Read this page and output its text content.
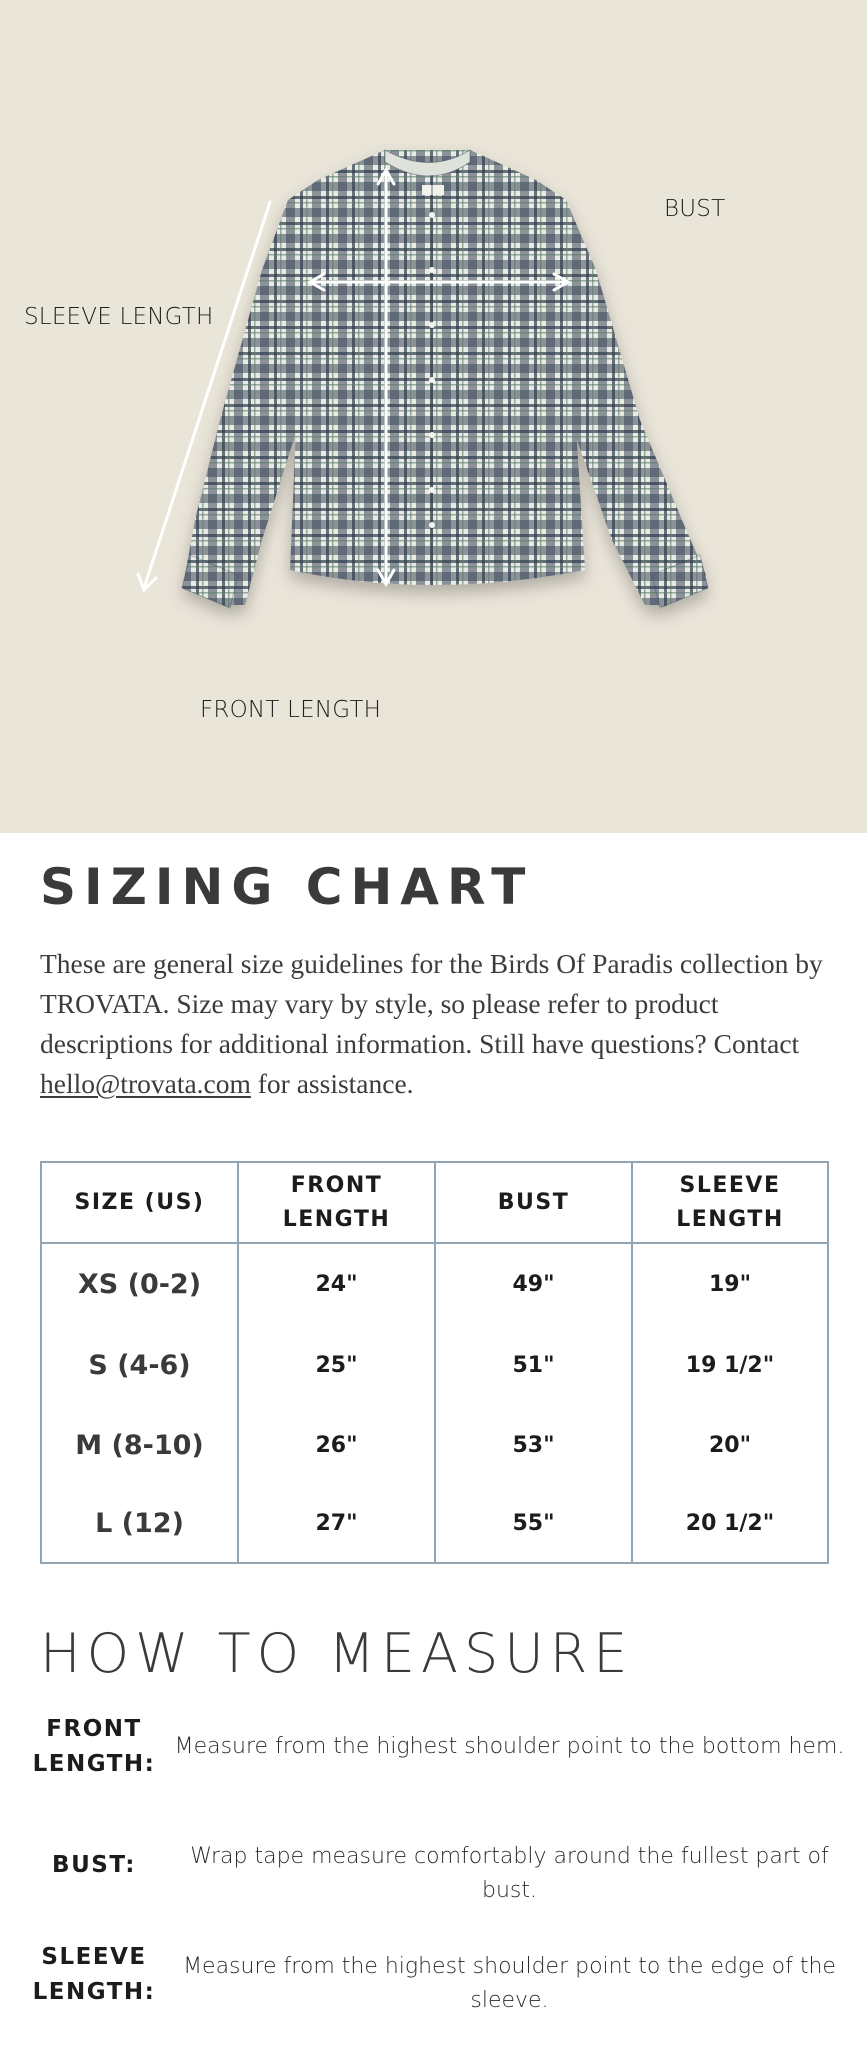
SLEEVE LENGTH
BUST
FRONT LENGTH
SIZING CHART

These are general size guidelines for the Birds Of Paradis collection by TROVATA. Size may vary by style, so please refer to product descriptions for additional information. Still have questions? Contact hello@trovata.com for assistance.

SIZE (US)	FRONT LENGTH	BUST	SLEEVE LENGTH
XS (0-2)	24"	49"	19"
S (4-6)	25"	51"	19 1/2"
M (8-10)	26"	53"	20"
L (12)	27"	55"	20 1/2"
HOW TO MEASURE
FRONT LENGTH:
Measure from the highest shoulder point to the bottom hem.
BUST:	Wrap tape measure comfortably around the fullest part of bust.
SLEEVE LENGTH:
Measure from the highest shoulder point to the edge of the sleeve.
